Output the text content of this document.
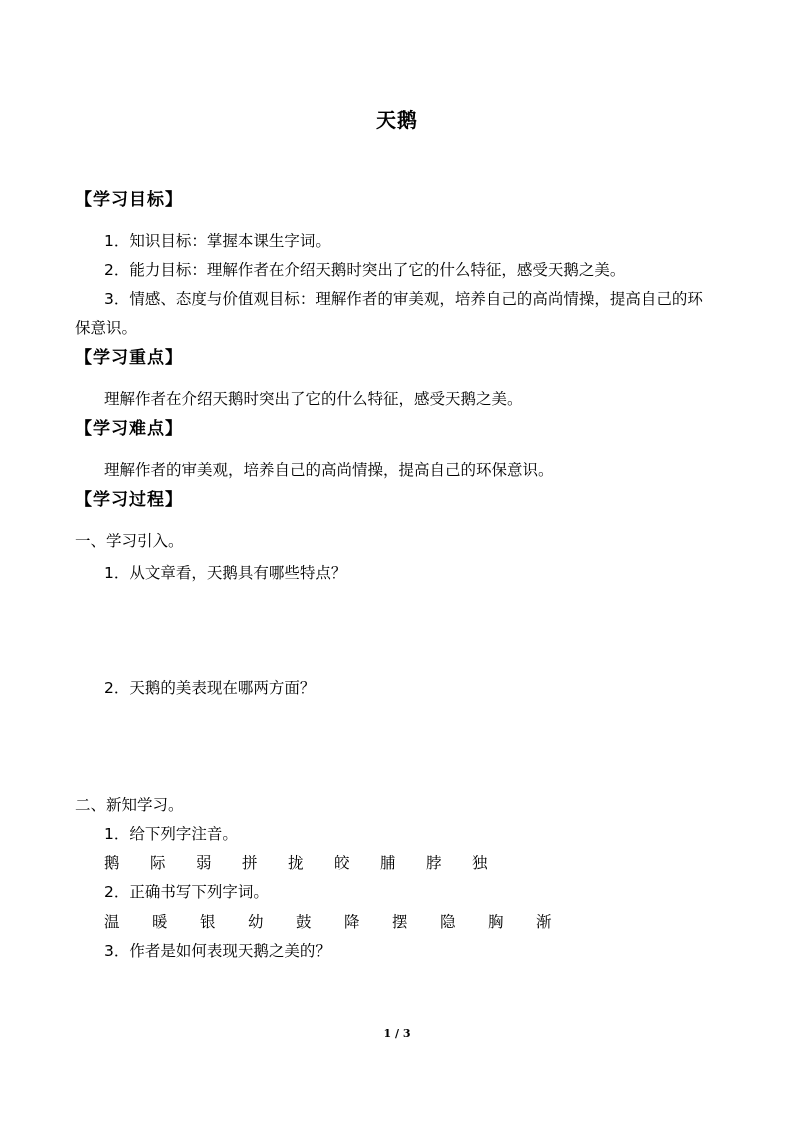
天鹅
【学习目标】
1．知识目标：掌握本课生字词。
2．能力目标：理解作者在介绍天鹅时突出了它的什么特征，感受天鹅之美。
3．情感、态度与价值观目标：理解作者的审美观，培养自己的高尚情操，提高自己的环
保意识。
【学习重点】
理解作者在介绍天鹅时突出了它的什么特征，感受天鹅之美。
【学习难点】
理解作者的审美观，培养自己的高尚情操，提高自己的环保意识。
【学习过程】
一、学习引入。
1．从文章看，天鹅具有哪些特点？
2．天鹅的美表现在哪两方面？
二、新知学习。
1．给下列字注音。
鹅 际 弱 拼 拢 皎 脯 脖 独
2．正确书写下列字词。
温 暖 银 幼 鼓 降 摆 隐 胸 渐
3．作者是如何表现天鹅之美的？
1 / 3
